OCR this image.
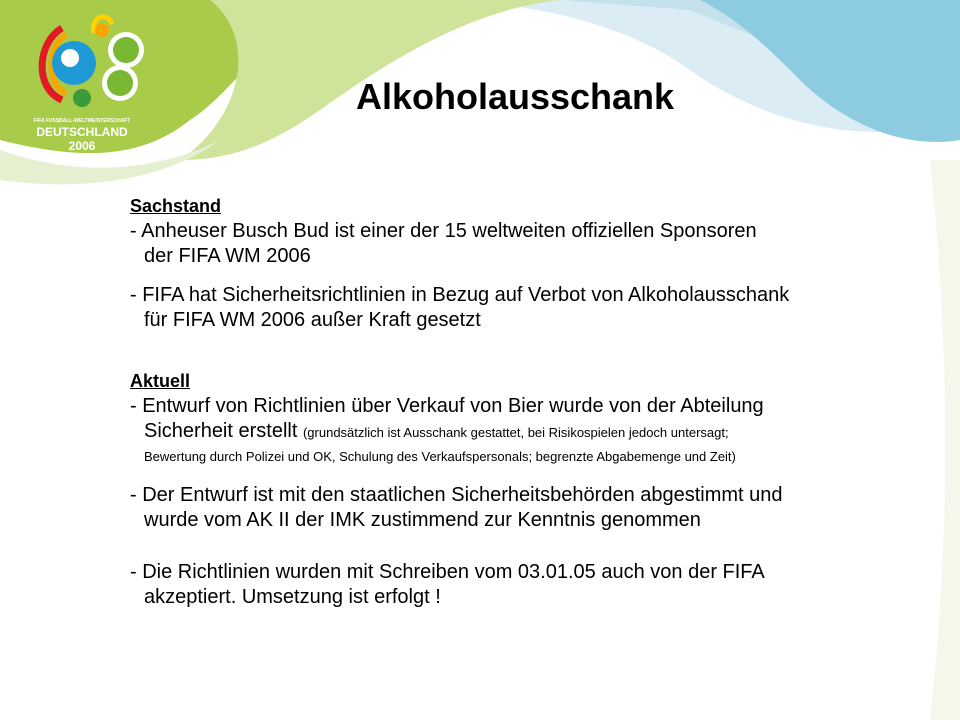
FIFA FUSSBALL-WELTMEISTERSCHAFT
DEUTSCHLAND
2006
Alkoholausschank
Sachstand
- Anheuser Busch Bud ist einer der 15 weltweiten offiziellen Sponsoren
der FIFA WM 2006
- FIFA hat Sicherheitsrichtlinien in Bezug auf Verbot von Alkoholausschank
für FIFA WM 2006 außer Kraft gesetzt
Aktuell
- Entwurf von Richtlinien über Verkauf von Bier wurde von der Abteilung
Sicherheit erstellt (grundsätzlich ist Ausschank gestattet, bei Risikospielen jedoch untersagt;
Bewertung durch Polizei und OK, Schulung des Verkaufspersonals; begrenzte Abgabemenge und Zeit)
- Der Entwurf ist mit den staatlichen Sicherheitsbehörden abgestimmt und
wurde vom AK II der IMK zustimmend zur Kenntnis genommen
- Die Richtlinien wurden mit Schreiben vom 03.01.05 auch von der FIFA
akzeptiert. Umsetzung ist erfolgt !
